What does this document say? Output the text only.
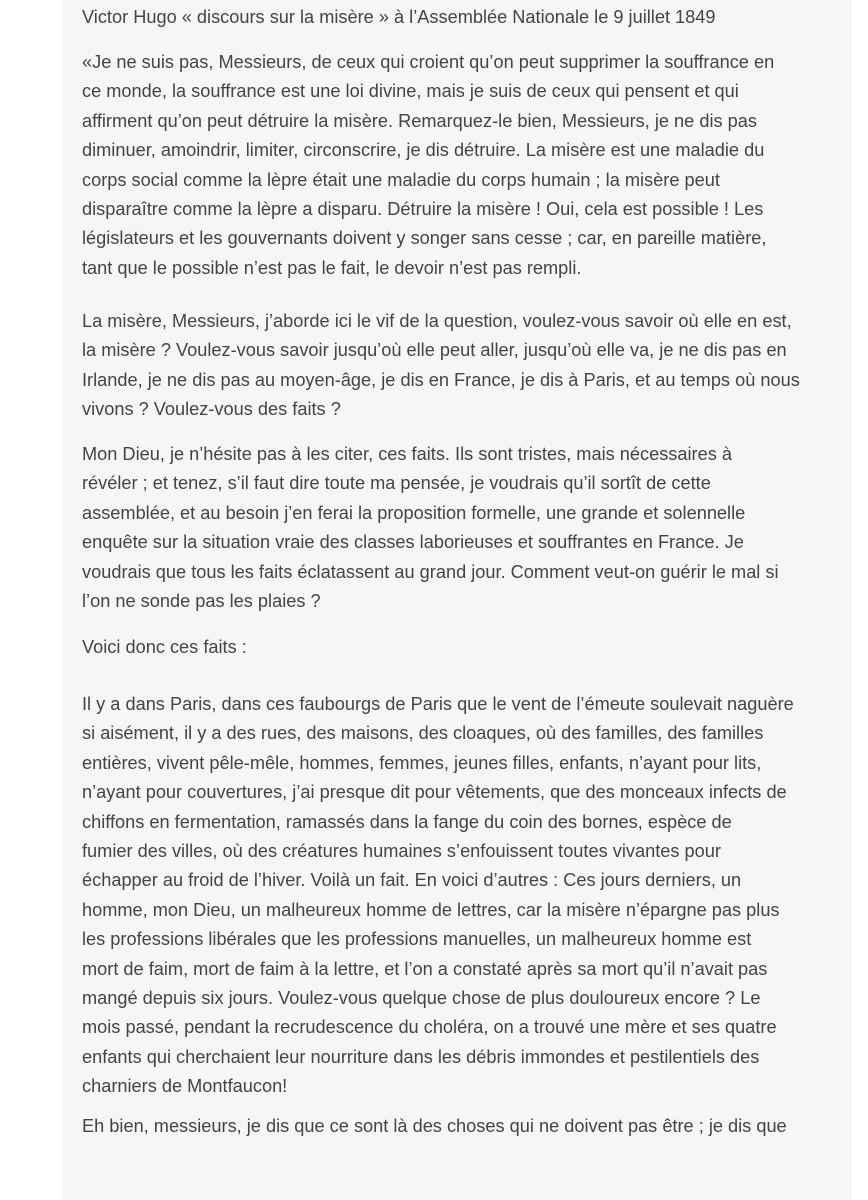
Victor Hugo « discours sur la misère » à l’Assemblée Nationale le 9 juillet 1849

«Je ne suis pas, Messieurs, de ceux qui croient qu’on peut supprimer la souffrance en
ce monde, la souffrance est une loi divine, mais je suis de ceux qui pensent et qui
affirment qu’on peut détruire la misère. Remarquez-le bien, Messieurs, je ne dis pas
diminuer, amoindrir, limiter, circonscrire, je dis détruire. La misère est une maladie du
corps social comme la lèpre était une maladie du corps humain ; la misère peut
disparaître comme la lèpre a disparu. Détruire la misère ! Oui, cela est possible ! Les
législateurs et les gouvernants doivent y songer sans cesse ; car, en pareille matière,
tant que le possible n’est pas le fait, le devoir n’est pas rempli.

La misère, Messieurs, j’aborde ici le vif de la question, voulez-vous savoir où elle en est,
la misère ? Voulez-vous savoir jusqu’où elle peut aller, jusqu’où elle va, je ne dis pas en
Irlande, je ne dis pas au moyen-âge, je dis en France, je dis à Paris, et au temps où nous
vivons ? Voulez-vous des faits ?

Mon Dieu, je n’hésite pas à les citer, ces faits. Ils sont tristes, mais nécessaires à
révéler ; et tenez, s’il faut dire toute ma pensée, je voudrais qu’il sortît de cette
assemblée, et au besoin j’en ferai la proposition formelle, une grande et solennelle
enquête sur la situation vraie des classes laborieuses et souffrantes en France. Je
voudrais que tous les faits éclatassent au grand jour. Comment veut-on guérir le mal si
l’on ne sonde pas les plaies ?

Voici donc ces faits :

Il y a dans Paris, dans ces faubourgs de Paris que le vent de l’émeute soulevait naguère
si aisément, il y a des rues, des maisons, des cloaques, où des familles, des familles
entières, vivent pêle-mêle, hommes, femmes, jeunes filles, enfants, n’ayant pour lits,
n’ayant pour couvertures, j’ai presque dit pour vêtements, que des monceaux infects de
chiffons en fermentation, ramassés dans la fange du coin des bornes, espèce de
fumier des villes, où des créatures humaines s’enfouissent toutes vivantes pour
échapper au froid de l’hiver. Voilà un fait. En voici d’autres : Ces jours derniers, un
homme, mon Dieu, un malheureux homme de lettres, car la misère n’épargne pas plus
les professions libérales que les professions manuelles, un malheureux homme est
mort de faim, mort de faim à la lettre, et l’on a constaté après sa mort qu’il n’avait pas
mangé depuis six jours. Voulez-vous quelque chose de plus douloureux encore ? Le
mois passé, pendant la recrudescence du choléra, on a trouvé une mère et ses quatre
enfants qui cherchaient leur nourriture dans les débris immondes et pestilentiels des
charniers de Montfaucon!

Eh bien, messieurs, je dis que ce sont là des choses qui ne doivent pas être ; je dis que
